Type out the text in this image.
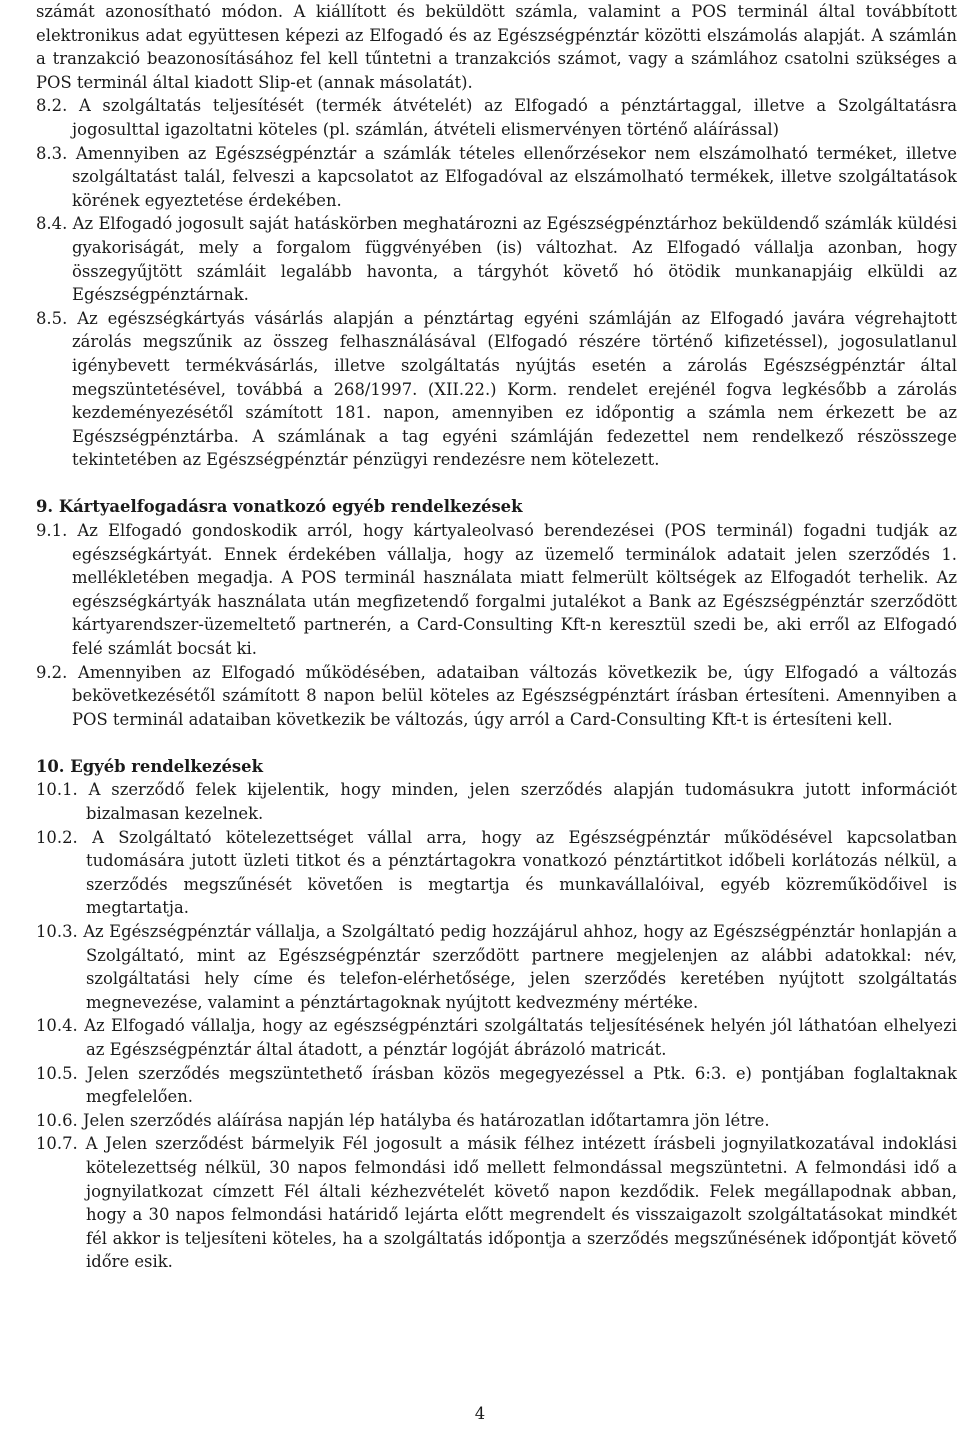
számát azonosítható módon. A kiállított és beküldött számla, valamint a POS terminál által továbbított elektronikus adat együttesen képezi az Elfogadó és az Egészségpénztár közötti elszámolás alapját. A számlán a tranzakció beazonosításához fel kell tűntetni a tranzakciós számot, vagy a számlához csatolni szükséges a POS terminál által kiadott Slip-et (annak másolatát).

8.2. A szolgáltatás teljesítését (termék átvételét) az Elfogadó a pénztártaggal, illetve a Szolgáltatásra jogosulttal igazoltatni köteles (pl. számlán, átvételi elismervényen történő aláírással)

8.3. Amennyiben az Egészségpénztár a számlák tételes ellenőrzésekor nem elszámolható terméket, illetve szolgáltatást talál, felveszi a kapcsolatot az Elfogadóval az elszámolható termékek, illetve szolgáltatások körének egyeztetése érdekében.

8.4. Az Elfogadó jogosult saját hatáskörben meghatározni az Egészségpénztárhoz beküldendő számlák küldési gyakoriságát, mely a forgalom függvényében (is) változhat. Az Elfogadó vállalja azonban, hogy összegyűjtött számláit legalább havonta, a tárgyhót követő hó ötödik munkanapjáig elküldi az Egészségpénztárnak.

8.5. Az egészségkártyás vásárlás alapján a pénztártag egyéni számláján az Elfogadó javára végrehajtott zárolás megszűnik az összeg felhasználásával (Elfogadó részére történő kifizetéssel), jogosulatlanul igénybevett termékvásárlás, illetve szolgáltatás nyújtás esetén a zárolás Egészségpénztár által megszüntetésével, továbbá a 268/1997. (XII.22.) Korm. rendelet erejénél fogva legkésőbb a zárolás kezdeményezésétől számított 181. napon, amennyiben ez időpontig a számla nem érkezett be az Egészségpénztárba. A számlának a tag egyéni számláján fedezettel nem rendelkező részösszege tekintetében az Egészségpénztár pénzügyi rendezésre nem kötelezett.

9. Kártyaelfogadásra vonatkozó egyéb rendelkezések

9.1. Az Elfogadó gondoskodik arról, hogy kártyaleolvasó berendezései (POS terminál) fogadni tudják az egészségkártyát. Ennek érdekében vállalja, hogy az üzemelő terminálok adatait jelen szerződés 1. mellékletében megadja. A POS terminál használata miatt felmerült költségek az Elfogadót terhelik. Az egészségkártyák használata után megfizetendő forgalmi jutalékot a Bank az Egészségpénztár szerződött kártyarendszer-üzemeltető partnerén, a Card-Consulting Kft-n keresztül szedi be, aki erről az Elfogadó felé számlát bocsát ki.

9.2. Amennyiben az Elfogadó működésében, adataiban változás következik be, úgy Elfogadó a változás bekövetkezésétől számított 8 napon belül köteles az Egészségpénztárt írásban értesíteni. Amennyiben a POS terminál adataiban következik be változás, úgy arról a Card-Consulting Kft-t is értesíteni kell.

10. Egyéb rendelkezések

10.1. A szerződő felek kijelentik, hogy minden, jelen szerződés alapján tudomásukra jutott információt bizalmasan kezelnek.

10.2. A Szolgáltató kötelezettséget vállal arra, hogy az Egészségpénztár működésével kapcsolatban tudomására jutott üzleti titkot és a pénztártagokra vonatkozó pénztártitkot időbeli korlátozás nélkül, a szerződés megszűnését követően is megtartja és munkavállalóival, egyéb közreműködőivel is megtartatja.

10.3. Az Egészségpénztár vállalja, a Szolgáltató pedig hozzájárul ahhoz, hogy az Egészségpénztár honlapján a Szolgáltató, mint az Egészségpénztár szerződött partnere megjelenjen az alábbi adatokkal: név, szolgáltatási hely címe és telefon-elérhetősége, jelen szerződés keretében nyújtott szolgáltatás megnevezése, valamint a pénztártagoknak nyújtott kedvezmény mértéke.

10.4. Az Elfogadó vállalja, hogy az egészségpénztári szolgáltatás teljesítésének helyén jól láthatóan elhelyezi az Egészségpénztár által átadott, a pénztár logóját ábrázoló matricát.

10.5. Jelen szerződés megszüntethető írásban közös megegyezéssel a Ptk. 6:3. e) pontjában foglaltaknak megfelelően.

10.6. Jelen szerződés aláírása napján lép hatályba és határozatlan időtartamra jön létre.

10.7. A Jelen szerződést bármelyik Fél jogosult a másik félhez intézett írásbeli jognyilatkozatával indoklási kötelezettség nélkül, 30 napos felmondási idő mellett felmondással megszüntetni. A felmondási idő a jognyilatkozat címzett Fél általi kézhezvételét követő napon kezdődik. Felek megállapodnak abban, hogy a 30 napos felmondási határidő lejárta előtt megrendelt és visszaigazolt szolgáltatásokat mindkét fél akkor is teljesíteni köteles, ha a szolgáltatás időpontja a szerződés megszűnésének időpontját követő időre esik.

4
